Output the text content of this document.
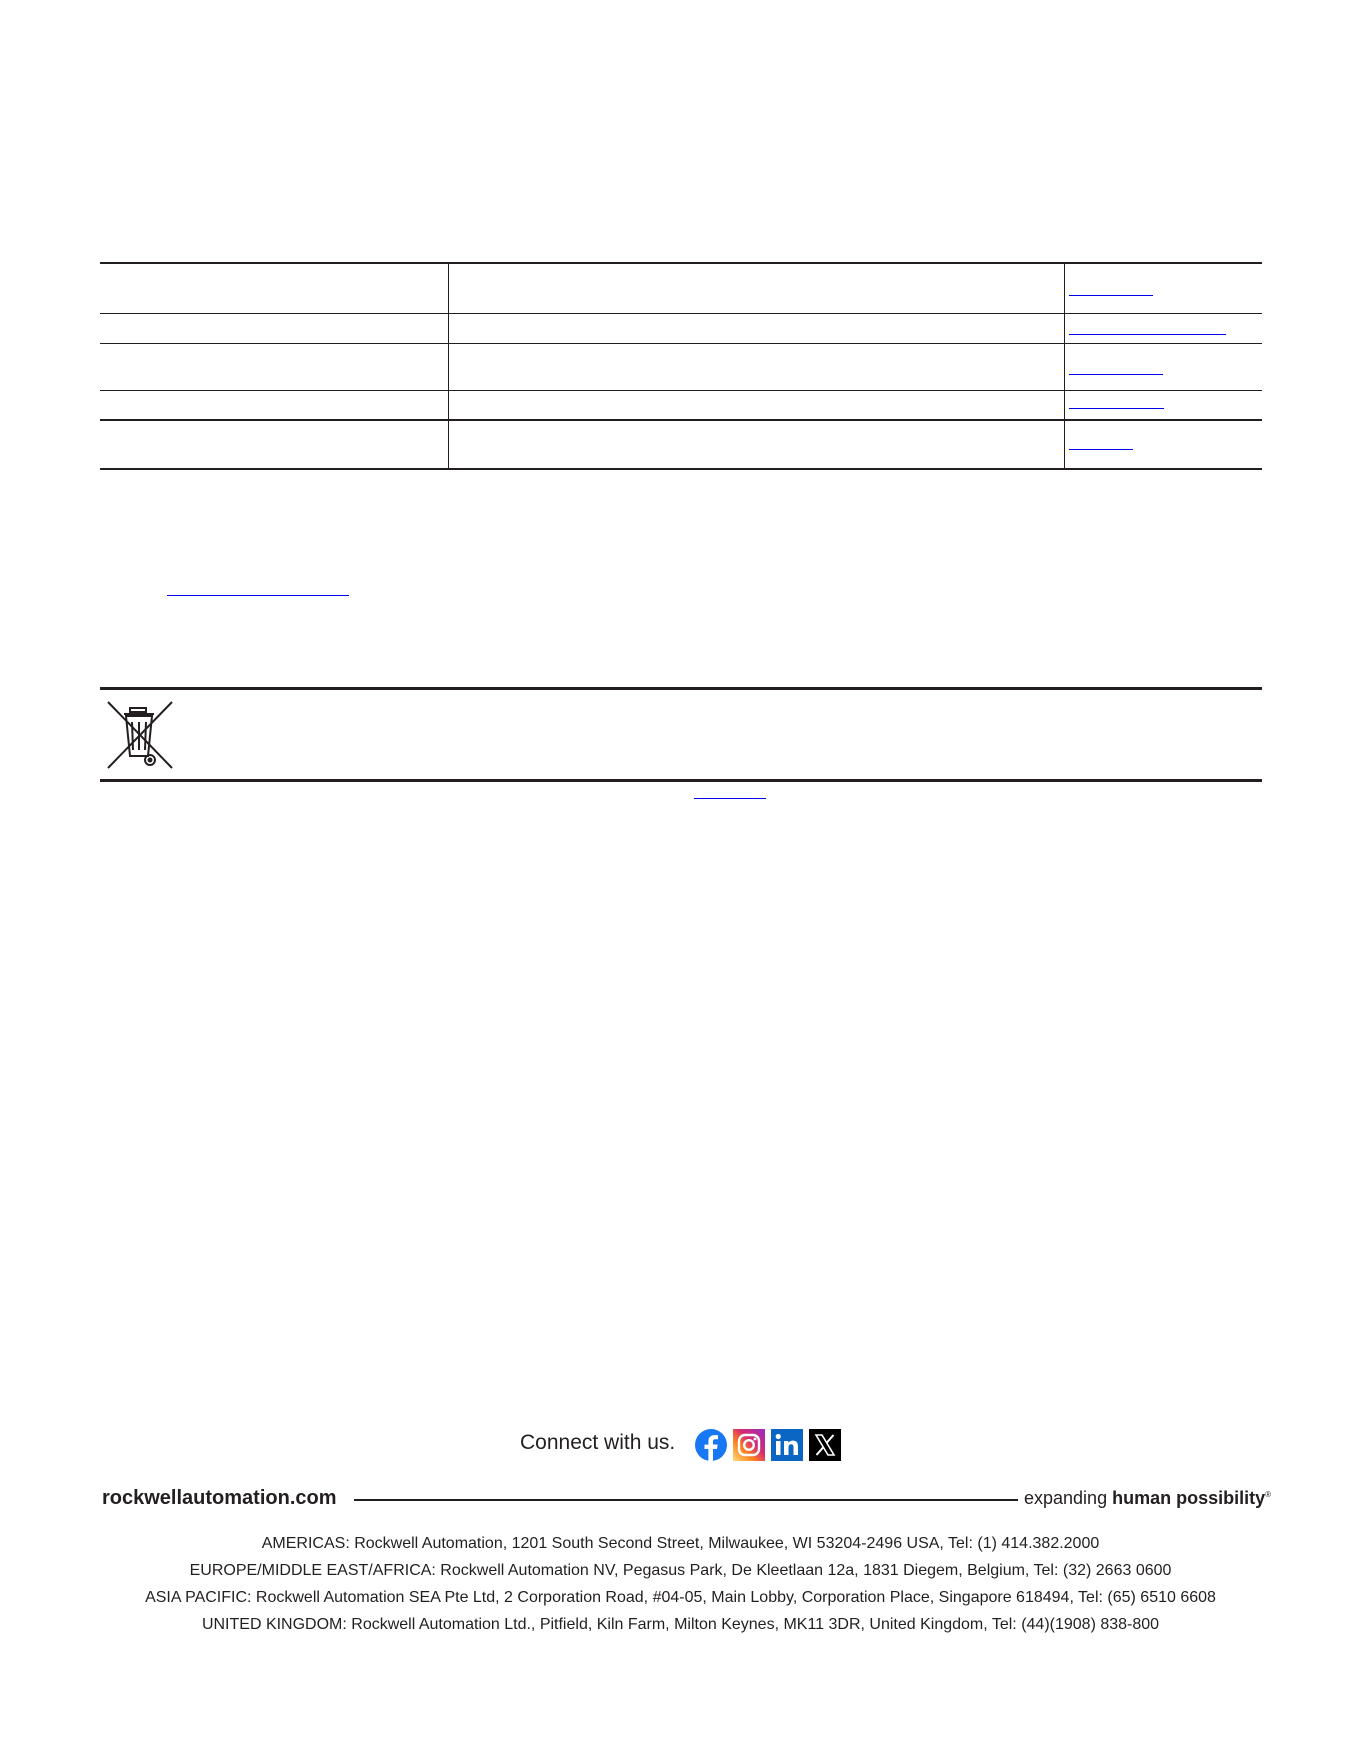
Connect with us.
rockwellautomation.com	expanding human possibility®
AMERICAS: Rockwell Automation, 1201 South Second Street, Milwaukee, WI 53204-2496 USA, Tel: (1) 414.382.2000
EUROPE/MIDDLE EAST/AFRICA: Rockwell Automation NV, Pegasus Park, De Kleetlaan 12a, 1831 Diegem, Belgium, Tel: (32) 2663 0600
ASIA PACIFIC: Rockwell Automation SEA Pte Ltd, 2 Corporation Road, #04-05, Main Lobby, Corporation Place, Singapore 618494, Tel: (65) 6510 6608
UNITED KINGDOM: Rockwell Automation Ltd., Pitfield, Kiln Farm, Milton Keynes, MK11 3DR, United Kingdom, Tel: (44)(1908) 838-800
